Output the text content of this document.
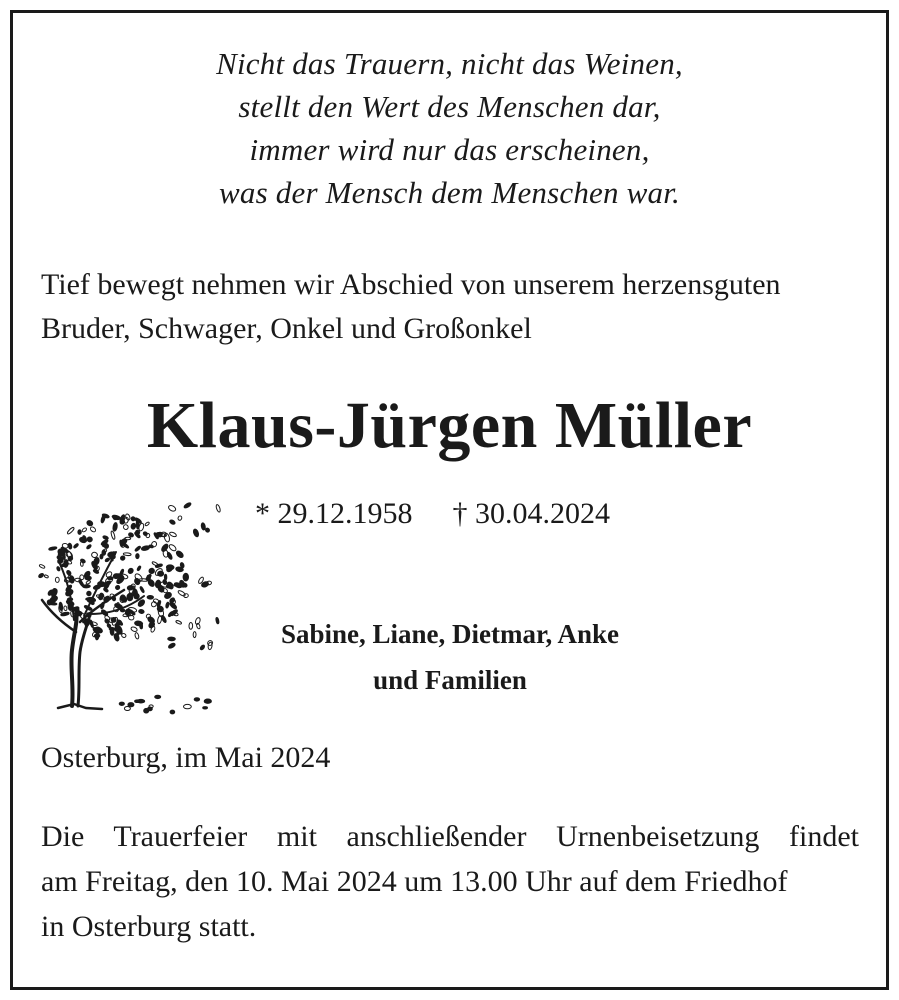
Nicht das Trauern, nicht das Weinen,
stellt den Wert des Menschen dar,
immer wird nur das erscheinen,
was der Mensch dem Menschen war.
Tief bewegt nehmen wir Abschied von unserem herzensguten
Bruder, Schwager, Onkel und Großonkel
Klaus-Jürgen Müller
* 29.12.1958 † 30.04.2024
Sabine, Liane, Dietmar, Anke
und Familien
Osterburg, im Mai 2024
Die Trauerfeier mit anschließender Urnenbeisetzung findet
am Freitag, den 10. Mai 2024 um 13.00 Uhr auf dem Friedhof
in Osterburg statt.
